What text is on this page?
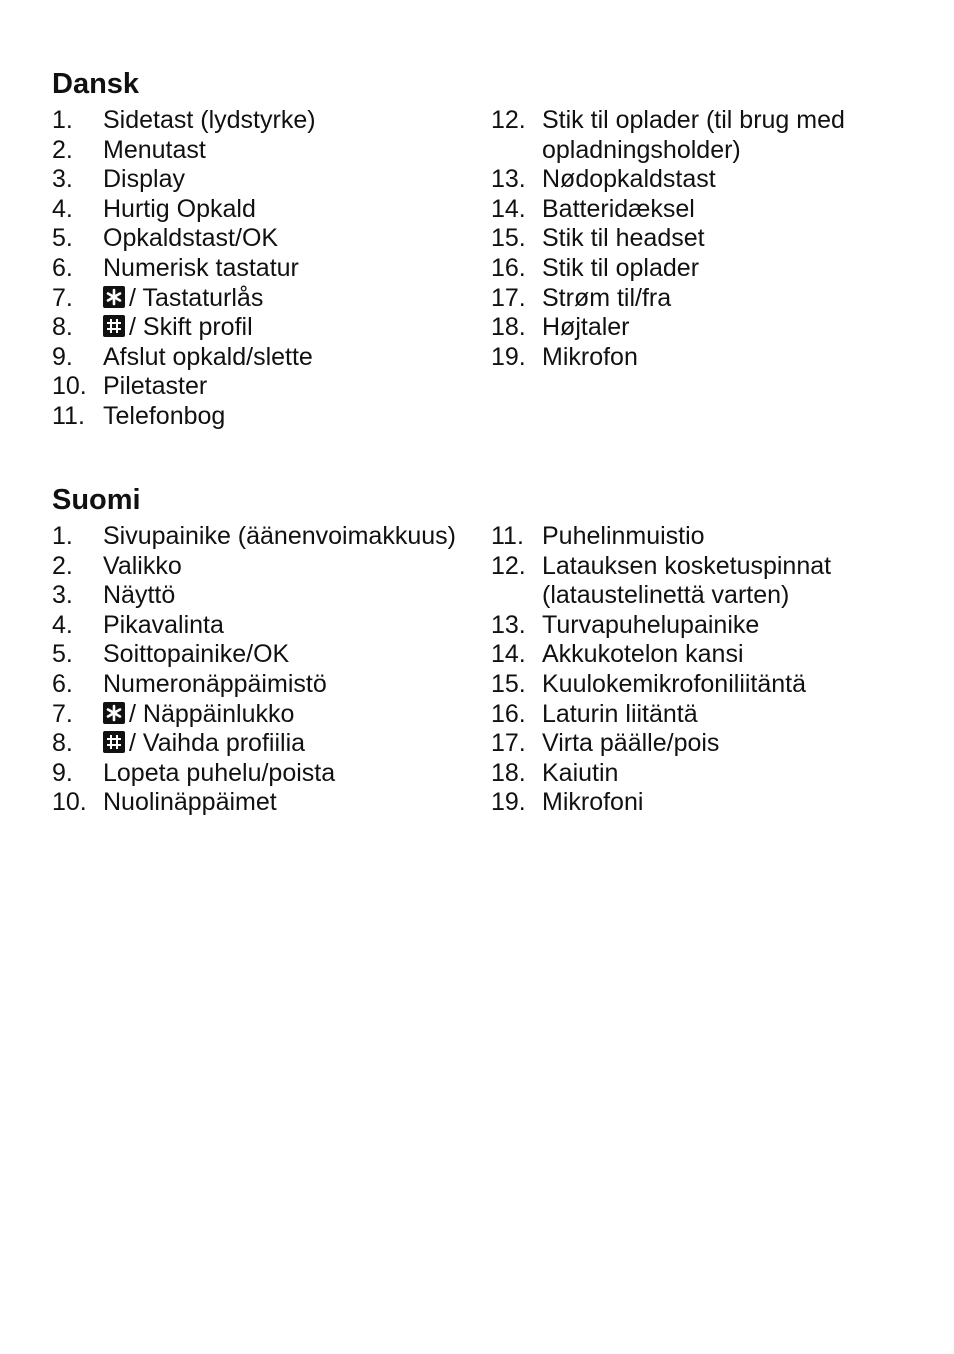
Dansk
1.	Sidetast (lydstyrke)
2.	Menutast
3.	Display
4.	Hurtig Opkald
5.	Opkaldstast/OK
6.	Numerisk tastatur
7.	/ Tastaturlås
8.	/ Skift profil
9.	Afslut opkald/slette
10. Piletaster
11. Telefonbog
12. Stik til oplader (til brug med opladningsholder)
13. Nødopkaldstast
14. Batteridæksel
15. Stik til headset
16. Stik til oplader
17. Strøm til/fra
18. Højtaler
19. Mikrofon
Suomi
1.	Sivupainike (äänenvoimakkuus)
2.	Valikko
3.	Näyttö
4.	Pikavalinta
5.	Soittopainike/OK
6.	Numeronäppäimistö
7.	/ Näppäinlukko
8.	/ Vaihda profiilia
9.	Lopeta puhelu/poista
10. Nuolinäppäimet
11. Puhelinmuistio
12. Latauksen kosketuspinnat (lataustelinettä varten)
13. Turvapuhelupainike
14. Akkukotelon kansi
15. Kuulokemikrofoniliitäntä
16. Laturin liitäntä
17. Virta päälle/pois
18. Kaiutin
19. Mikrofoni
